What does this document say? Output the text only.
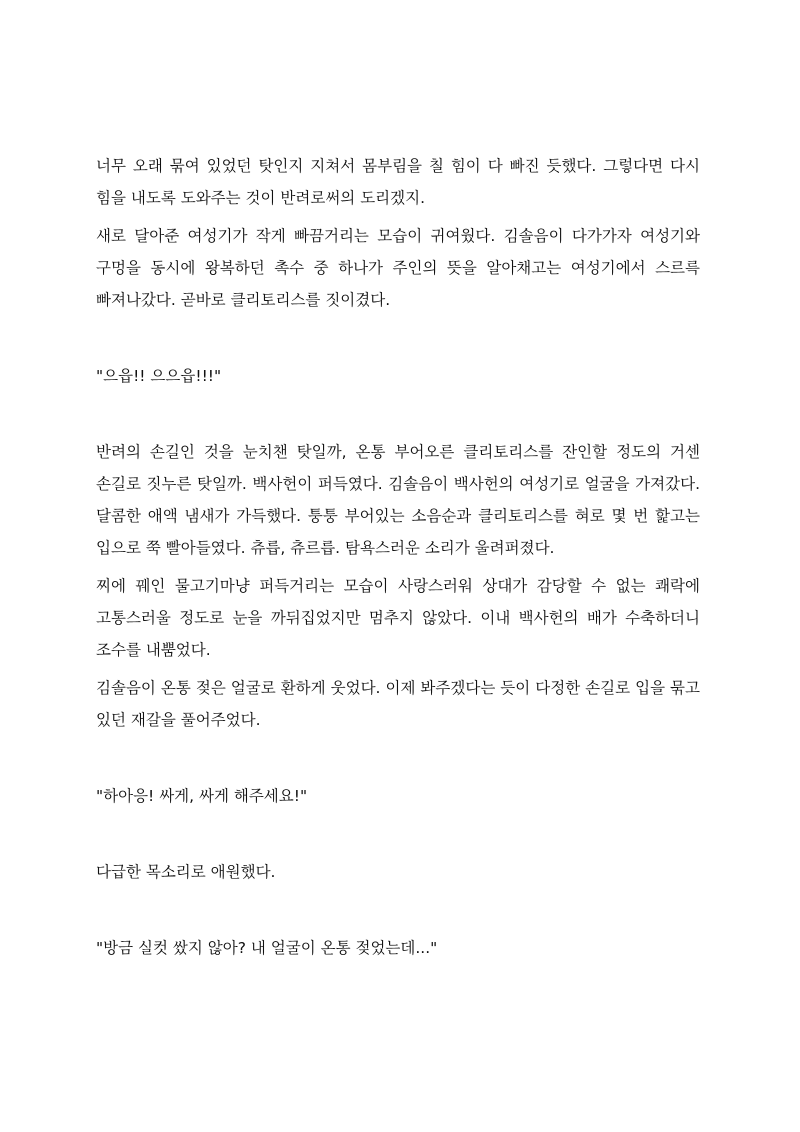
너무 오래 묶여 있었던 탓인지 지쳐서 몸부림을 칠 힘이 다 빠진 듯했다. 그렇다면 다시 힘을 내도록 도와주는 것이 반려로써의 도리겠지.

새로 달아준 여성기가 작게 빠끔거리는 모습이 귀여웠다. 김솔음이 다가가자 여성기와 구멍을 동시에 왕복하던 촉수 중 하나가 주인의 뜻을 알아채고는 여성기에서 스르륵 빠져나갔다. 곧바로 클리토리스를 짓이겼다.

"으읍!! 으으읍!!!"

반려의 손길인 것을 눈치챈 탓일까, 온통 부어오른 클리토리스를 잔인할 정도의 거센 손길로 짓누른 탓일까. 백사헌이 퍼득였다. 김솔음이 백사헌의 여성기로 얼굴을 가져갔다. 달콤한 애액 냄새가 가득했다. 퉁퉁 부어있는 소음순과 클리토리스를 혀로 몇 번 핥고는 입으로 쭉 빨아들였다. 츄릅, 츄르릅. 탐욕스러운 소리가 울려퍼졌다.

찌에 꿰인 물고기마냥 퍼득거리는 모습이 사랑스러워 상대가 감당할 수 없는 쾌락에 고통스러울 정도로 눈을 까뒤집었지만 멈추지 않았다. 이내 백사헌의 배가 수축하더니 조수를 내뿜었다.

김솔음이 온통 젖은 얼굴로 환하게 웃었다. 이제 봐주겠다는 듯이 다정한 손길로 입을 묶고 있던 재갈을 풀어주었다.

"하아응! 싸게, 싸게 해주세요!"

다급한 목소리로 애원했다.

"방금 실컷 쌌지 않아? 내 얼굴이 온통 젖었는데..."
